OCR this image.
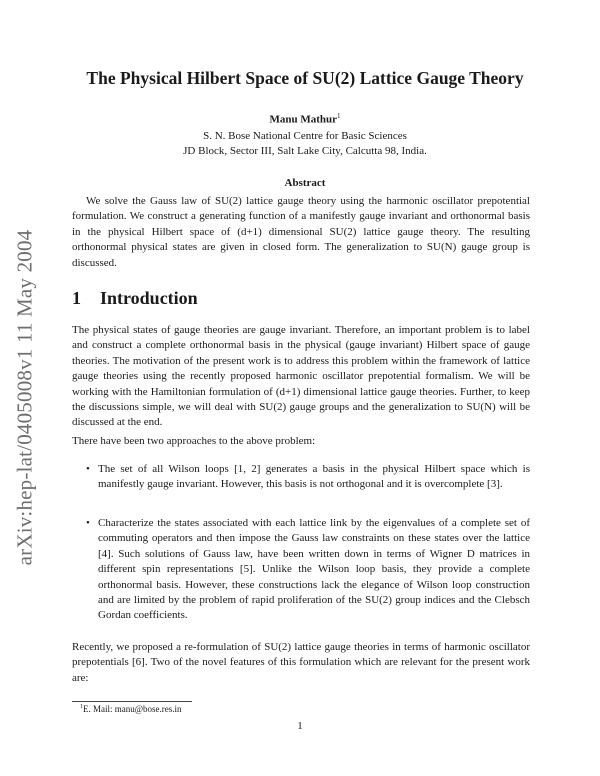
arXiv:hep-lat/0405008v1 11 May 2004
The Physical Hilbert Space of SU(2) Lattice Gauge Theory
Manu Mathur$^1$
S. N. Bose National Centre for Basic Sciences
JD Block, Sector III, Salt Lake City, Calcutta 98, India.
Abstract
We solve the Gauss law of SU(2) lattice gauge theory using the harmonic oscillator prepotential formulation. We construct a generating function of a manifestly gauge invariant and orthonormal basis in the physical Hilbert space of (d+1) dimensional SU(2) lattice gauge theory. The resulting orthonormal physical states are given in closed form. The generalization to SU(N) gauge group is discussed.
1 Introduction
The physical states of gauge theories are gauge invariant. Therefore, an important problem is to label and construct a complete orthonormal basis in the physical (gauge invariant) Hilbert space of gauge theories. The motivation of the present work is to address this problem within the framework of lattice gauge theories using the recently proposed harmonic oscillator prepotential formalism. We will be working with the Hamiltonian formulation of (d+1) dimensional lattice gauge theories. Further, to keep the discussions simple, we will deal with SU(2) gauge groups and the generalization to SU(N) will be discussed at the end.
There have been two approaches to the above problem:
• The set of all Wilson loops [1, 2] generates a basis in the physical Hilbert space which is manifestly gauge invariant. However, this basis is not orthogonal and it is overcomplete [3].
• Characterize the states associated with each lattice link by the eigenvalues of a complete set of commuting operators and then impose the Gauss law constraints on these states over the lattice [4]. Such solutions of Gauss law, have been written down in terms of Wigner D matrices in different spin representations [5]. Unlike the Wilson loop basis, they provide a complete orthonormal basis. However, these constructions lack the elegance of Wilson loop construction and are limited by the problem of rapid proliferation of the SU(2) group indices and the Clebsch Gordan coefficients.
Recently, we proposed a re-formulation of SU(2) lattice gauge theories in terms of harmonic oscillator prepotentials [6]. Two of the novel features of this formulation which are relevant for the present work are:
$^1$E. Mail: manu@bose.res.in
1
